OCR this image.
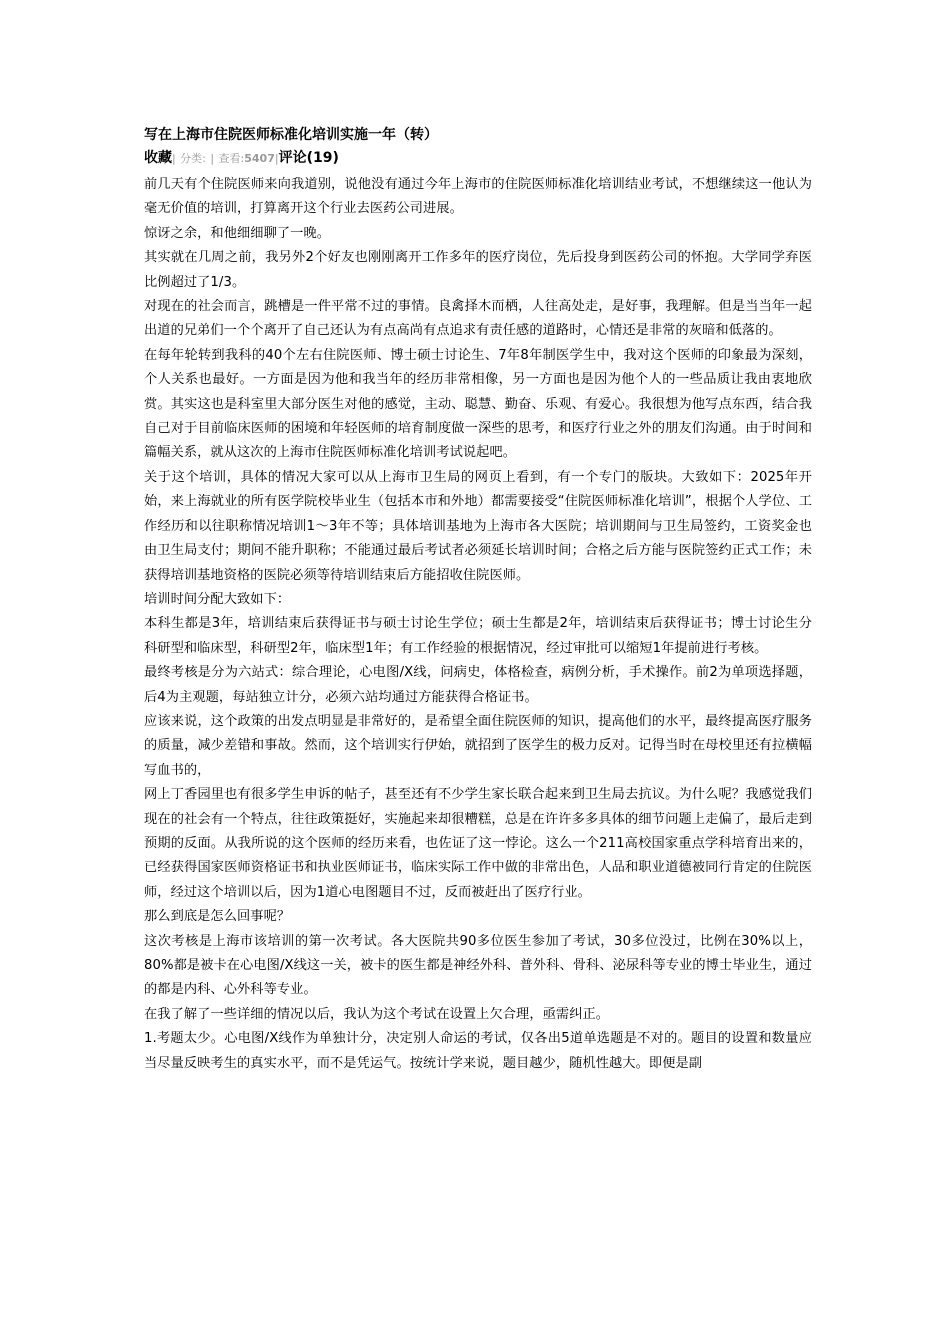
写在上海市住院医师标准化培训实施一年（转）
收藏| 分类: | 查看:5407|评论(19)

前几天有个住院医师来向我道别，说他没有通过今年上海市的住院医师标准化培训结业考试，不想继续这一他认为毫无价值的培训，打算离开这个行业去医药公司进展。

惊讶之余，和他细细聊了一晚。

其实就在几周之前，我另外2个好友也刚刚离开工作多年的医疗岗位，先后投身到医药公司的怀抱。大学同学弃医比例超过了1/3。

对现在的社会而言，跳槽是一件平常不过的事情。良禽择木而栖，人往高处走，是好事，我理解。但是当当年一起出道的兄弟们一个个离开了自己还认为有点高尚有点追求有责任感的道路时，心情还是非常的灰暗和低落的。

在每年轮转到我科的40个左右住院医师、博士硕士讨论生、7年8年制医学生中，我对这个医师的印象最为深刻，个人关系也最好。一方面是因为他和我当年的经历非常相像，另一方面也是因为他个人的一些品质让我由衷地欣赏。其实这也是科室里大部分医生对他的感觉，主动、聪慧、勤奋、乐观、有爱心。我很想为他写点东西，结合我自己对于目前临床医师的困境和年轻医师的培育制度做一深些的思考，和医疗行业之外的朋友们沟通。由于时间和篇幅关系，就从这次的上海市住院医师标准化培训考试说起吧。

关于这个培训，具体的情况大家可以从上海市卫生局的网页上看到，有一个专门的版块。大致如下：2025年开始，来上海就业的所有医学院校毕业生（包括本市和外地）都需要接受“住院医师标准化培训”，根据个人学位、工作经历和以往职称情况培训1～3年不等；具体培训基地为上海市各大医院；培训期间与卫生局签约，工资奖金也由卫生局支付；期间不能升职称；不能通过最后考试者必须延长培训时间；合格之后方能与医院签约正式工作；未获得培训基地资格的医院必须等待培训结束后方能招收住院医师。

培训时间分配大致如下：

本科生都是3年，培训结束后获得证书与硕士讨论生学位；硕士生都是2年，培训结束后获得证书；博士讨论生分科研型和临床型，科研型2年，临床型1年；有工作经验的根据情况，经过审批可以缩短1年提前进行考核。

最终考核是分为六站式：综合理论，心电图/X线，问病史，体格检查，病例分析，手术操作。前2为单项选择题，后4为主观题，每站独立计分，必须六站均通过方能获得合格证书。

应该来说，这个政策的出发点明显是非常好的，是希望全面住院医师的知识，提高他们的水平，最终提高医疗服务的质量，减少差错和事故。然而，这个培训实行伊始，就招到了医学生的极力反对。记得当时在母校里还有拉横幅写血书的，

网上丁香园里也有很多学生申诉的帖子，甚至还有不少学生家长联合起来到卫生局去抗议。为什么呢？我感觉我们现在的社会有一个特点，往往政策挺好，实施起来却很糟糕，总是在许许多多具体的细节问题上走偏了，最后走到预期的反面。从我所说的这个医师的经历来看，也佐证了这一悖论。这么一个211高校国家重点学科培育出来的，已经获得国家医师资格证书和执业医师证书，临床实际工作中做的非常出色，人品和职业道德被同行肯定的住院医师，经过这个培训以后，因为1道心电图题目不过，反而被赶出了医疗行业。

那么到底是怎么回事呢？

这次考核是上海市该培训的第一次考试。各大医院共90多位医生参加了考试，30多位没过，比例在30%以上，80%都是被卡在心电图/X线这一关，被卡的医生都是神经外科、普外科、骨科、泌尿科等专业的博士毕业生，通过的都是内科、心外科等专业。

在我了解了一些详细的情况以后，我认为这个考试在设置上欠合理，亟需纠正。

1.考题太少。心电图/X线作为单独计分，决定别人命运的考试，仅各出5道单选题是不对的。题目的设置和数量应当尽量反映考生的真实水平，而不是凭运气。按统计学来说，题目越少，随机性越大。即便是副
